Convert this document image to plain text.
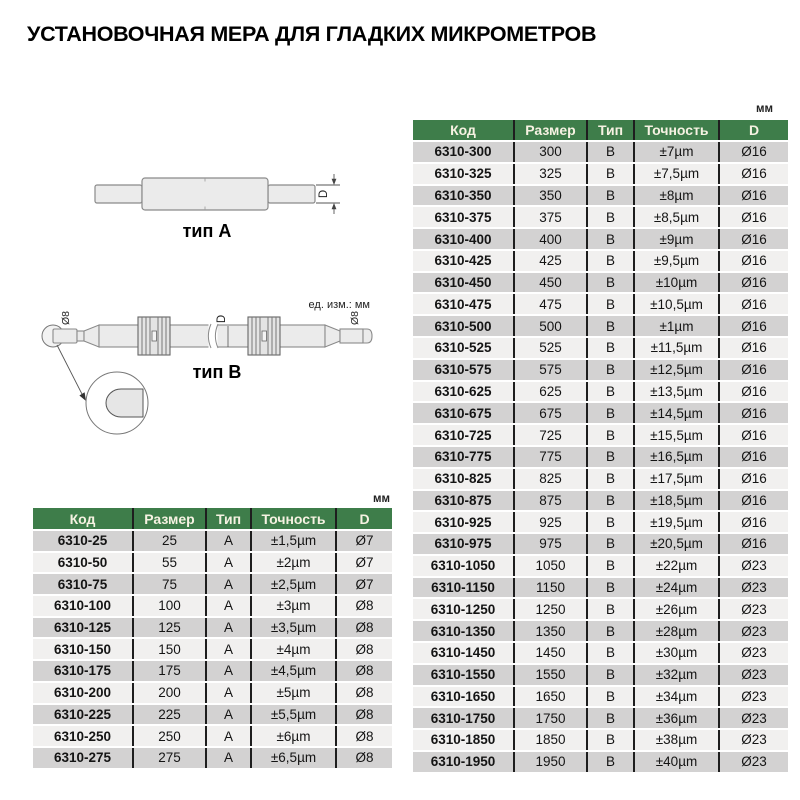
УСТАНОВОЧНАЯ МЕРА ДЛЯ ГЛАДКИХ МИКРОМЕТРОВ
D
тип A
ед. изм.: мм
Ø8	Ø8
D
тип B
мм
Код	Размер	Тип	Точность	D
6310-25	25	A	±1,5µm	Ø7
6310-50	55	A	±2µm	Ø7
6310-75	75	A	±2,5µm	Ø7
6310-100	100	A	±3µm	Ø8
6310-125	125	A	±3,5µm	Ø8
6310-150	150	A	±4µm	Ø8
6310-175	175	A	±4,5µm	Ø8
6310-200	200	A	±5µm	Ø8
6310-225	225	A	±5,5µm	Ø8
6310-250	250	A	±6µm	Ø8
6310-275	275	A	±6,5µm	Ø8
мм
Код	Размер	Тип	Точность	D
6310-300	300	B	±7µm	Ø16
6310-325	325	B	±7,5µm	Ø16
6310-350	350	B	±8µm	Ø16
6310-375	375	B	±8,5µm	Ø16
6310-400	400	B	±9µm	Ø16
6310-425	425	B	±9,5µm	Ø16
6310-450	450	B	±10µm	Ø16
6310-475	475	B	±10,5µm	Ø16
6310-500	500	B	±1µm	Ø16
6310-525	525	B	±11,5µm	Ø16
6310-575	575	B	±12,5µm	Ø16
6310-625	625	B	±13,5µm	Ø16
6310-675	675	B	±14,5µm	Ø16
6310-725	725	B	±15,5µm	Ø16
6310-775	775	B	±16,5µm	Ø16
6310-825	825	B	±17,5µm	Ø16
6310-875	875	B	±18,5µm	Ø16
6310-925	925	B	±19,5µm	Ø16
6310-975	975	B	±20,5µm	Ø16
6310-1050	1050	B	±22µm	Ø23
6310-1150	1150	B	±24µm	Ø23
6310-1250	1250	B	±26µm	Ø23
6310-1350	1350	B	±28µm	Ø23
6310-1450	1450	B	±30µm	Ø23
6310-1550	1550	B	±32µm	Ø23
6310-1650	1650	B	±34µm	Ø23
6310-1750	1750	B	±36µm	Ø23
6310-1850	1850	B	±38µm	Ø23
6310-1950	1950	B	±40µm	Ø23
